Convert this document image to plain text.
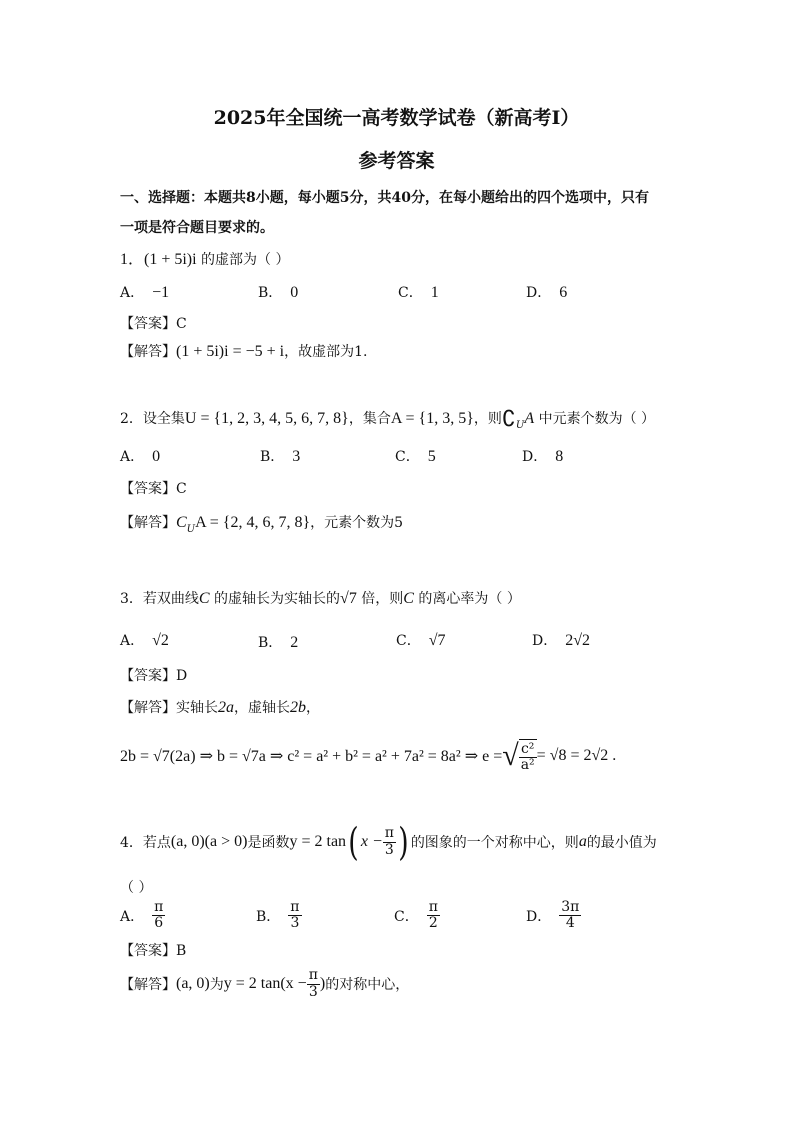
2025年全国统一高考数学试卷（新高考Ⅰ）
参考答案
一、选择题：本题共8小题，每小题5分，共40分，在每小题给出的四个选项中，只有
一项是符合题目要求的。
1．(1 + 5i)i 的虚部为（ ）
A． −1	B． 0	C． 1	D． 6
【答案】C
【解答】(1 + 5i)i = −5 + i，故虚部为1.
2．设全集U = {1, 2, 3, 4, 5, 6, 7, 8}，集合A = {1, 3, 5}，则$∁_UA$ 中元素个数为（ ）
A． 0	B． 3	C． 5	D． 8
【答案】C
【解答】$C_UA = \{2$, 4, 6, 7, 8}，元素个数为5
3．若双曲线C 的虚轴长为实轴长的√7 倍，则C 的离心率为（ ）
A． √2	B． 2	C． √7	D． 2√2
【答案】D
【解答】实轴长2a，虚轴长2b，
2b = √7(2a) ⇒ b = √7a ⇒ c² = a² + b² = a² + 7a² = 8a² ⇒ e = √ $\frac{\text{c²}}{\text{a²}} = √8 = 2√2$ .
4．若点 (a, 0)(a > 0) 是函数 y = 2 tan ( $x - \frac{\pi}{3}$ ) 的图象的一个对称中心，则 a 的最小值为
（ ）
A． $\frac{\pi}{6}$	B． $\frac{\pi}{3}$	C． $\frac{\pi}{2}$	D． $\frac{3\pi}{4}$
【答案】B
【解答】 (a, 0) 为 y = 2 $\tan(x - \frac{\pi}{3}$ ) 的对称中心，
